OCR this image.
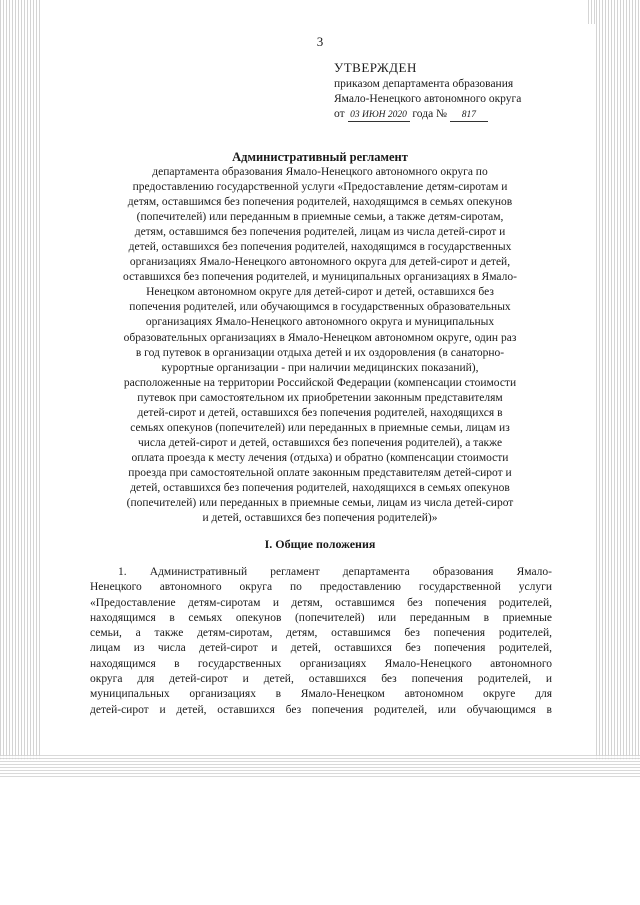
3
УТВЕРЖДЕН
приказом департамента образования
Ямало-Ненецкого автономного округа
от 03 ИЮН 2020 года № 817
Административный регламент
департамента образования Ямало-Ненецкого автономного округа по
предоставлению государственной услуги «Предоставление детям-сиротам и
детям, оставшимся без попечения родителей, находящимся в семьях опекунов
(попечителей) или переданным в приемные семьи, а также детям-сиротам,
детям, оставшимся без попечения родителей, лицам из числа детей-сирот и
детей, оставшихся без попечения родителей, находящимся в государственных
организациях Ямало-Ненецкого автономного округа для детей-сирот и детей,
оставшихся без попечения родителей, и муниципальных организациях в Ямало-
Ненецком автономном округе для детей-сирот и детей, оставшихся без
попечения родителей, или обучающимся в государственных образовательных
организациях Ямало-Ненецкого автономного округа и муниципальных
образовательных организациях в Ямало-Ненецком автономном округе, один раз
в год путевок в организации отдыха детей и их оздоровления (в санаторно-
курортные организации - при наличии медицинских показаний),
расположенные на территории Российской Федерации (компенсации стоимости
путевок при самостоятельном их приобретении законным представителям
детей-сирот и детей, оставшихся без попечения родителей, находящихся в
семьях опекунов (попечителей) или переданных в приемные семьи, лицам из
числа детей-сирот и детей, оставшихся без попечения родителей), а также
оплата проезда к месту лечения (отдыха) и обратно (компенсации стоимости
проезда при самостоятельной оплате законным представителям детей-сирот и
детей, оставшихся без попечения родителей, находящихся в семьях опекунов
(попечителей) или переданных в приемные семьи, лицам из числа детей-сирот
и детей, оставшихся без попечения родителей)»
I. Общие положения
1. Административный регламент департамента образования Ямало-
Ненецкого автономного округа по предоставлению государственной услуги
«Предоставление детям-сиротам и детям, оставшимся без попечения родителей,
находящимся в семьях опекунов (попечителей) или переданным в приемные
семьи, а также детям-сиротам, детям, оставшимся без попечения родителей,
лицам из числа детей-сирот и детей, оставшихся без попечения родителей,
находящимся в государственных организациях Ямало-Ненецкого автономного
округа для детей-сирот и детей, оставшихся без попечения родителей, и
муниципальных организациях в Ямало-Ненецком автономном округе для
детей-сирот и детей, оставшихся без попечения родителей, или обучающимся в
